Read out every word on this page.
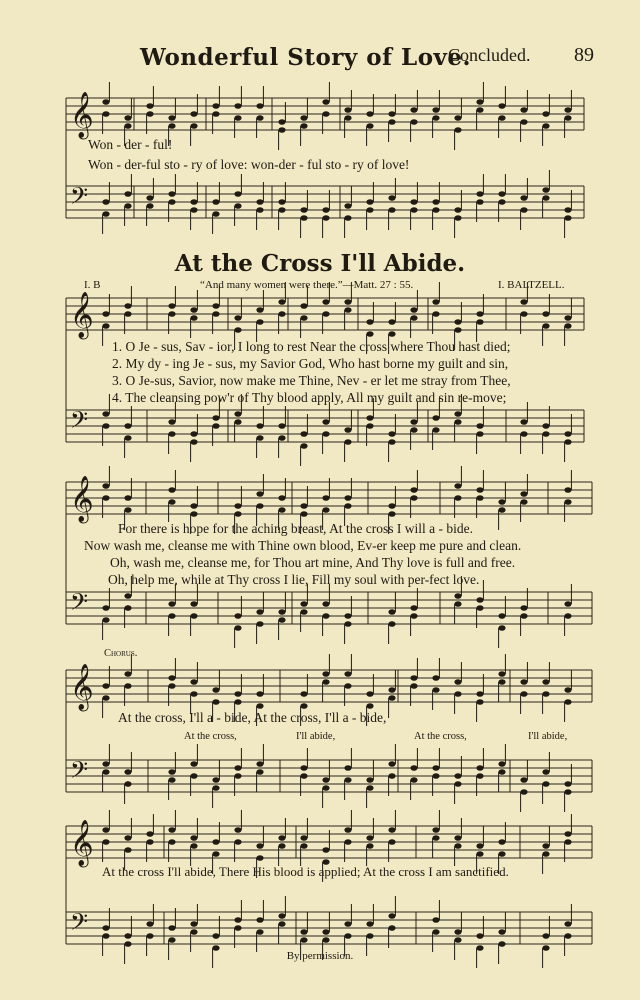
𝄞
𝄢
𝄞
𝄢
𝄞
𝄢
𝄞
𝄢
𝄞
𝄢
Wonderful Story of Love.
Concluded. 89
Won - der - ful!
Won - der-ful sto - ry of love: won-der - ful sto - ry of love!
At the Cross I'll Abide.
I. B	“And many women were there.”—Matt. 27 : 55.	I. BALTZELL.
1. O Je - sus, Sav - ior, I long to rest Near the cross where Thou hast died;
2. My dy - ing Je - sus, my Savior God, Who hast borne my guilt and sin,
3. O Je-sus, Savior, now make me Thine, Nev - er let me stray from Thee,
4. The cleansing pow'r of Thy blood apply, All my guilt and sin re-move;
For there is hope for the aching breast, At the cross I will a - bide.
Now wash me, cleanse me with Thine own blood, Ev-er keep me pure and clean.
Oh, wash me, cleanse me, for Thou art mine, And Thy love is full and free.
Oh, help me, while at Thy cross I lie, Fill my soul with per-fect love.
Chorus.
At the cross, I'll a - bide, At the cross, I'll a - bide,
At the cross,	I'll abide,	At the cross,	I'll abide,
At the cross I'll abide, There His blood is applied; At the cross I am sanctified.
By permission.
